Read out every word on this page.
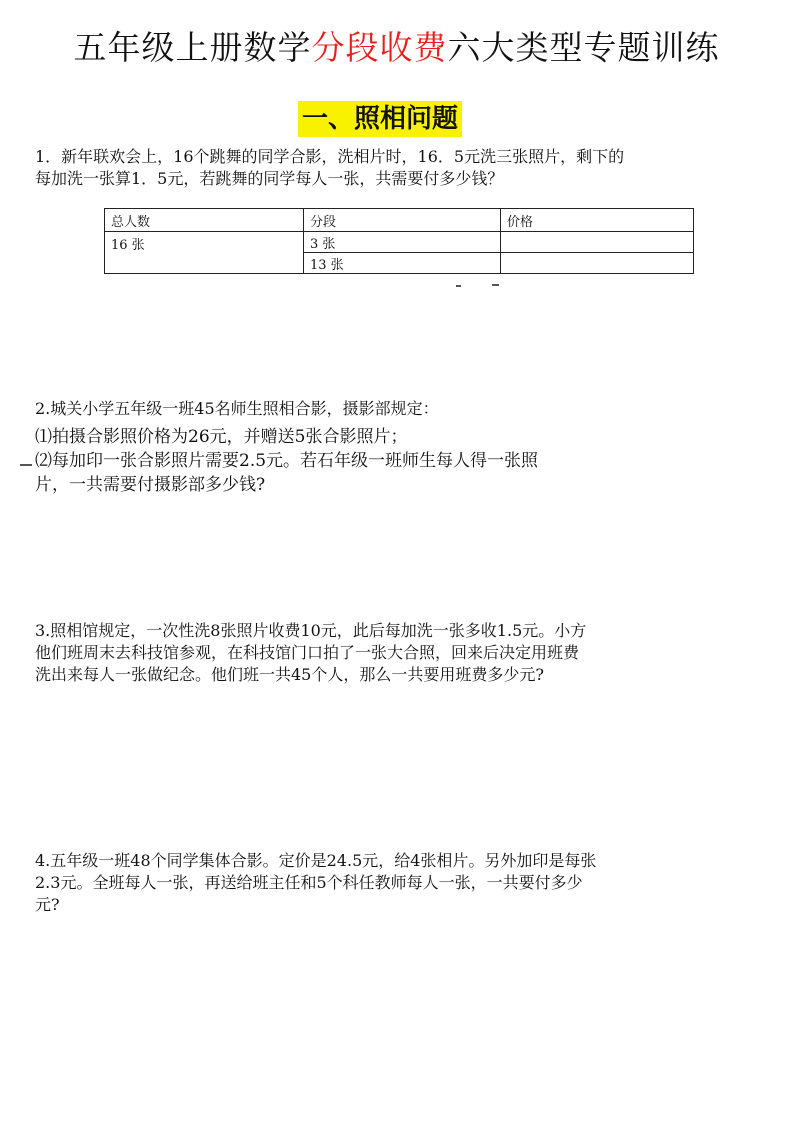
五年级上册数学分段收费六大类型专题训练
一、照相问题
1．新年联欢会上，16个跳舞的同学合影，洗相片时，16．5元洗三张照片，剩下的
每加洗一张算1．5元，若跳舞的同学每人一张，共需要付多少钱？
总人数	分段	价格
16 张	3 张	
	13 张	
2.城关小学五年级一班45名师生照相合影，摄影部规定：
⑴拍摄合影照价格为26元，并赠送5张合影照片；
⑵每加印一张合影照片需要2.5元。若石年级一班师生每人得一张照
片，一共需要付摄影部多少钱?
3.照相馆规定，一次性洗8张照片收费10元，此后每加洗一张多收1.5元。小方
他们班周末去科技馆参观，在科技馆门口拍了一张大合照，回来后决定用班费
洗出来每人一张做纪念。他们班一共45个人，那么一共要用班费多少元?
4.五年级一班48个同学集体合影。定价是24.5元，给4张相片。另外加印是每张
2.3元。全班每人一张，再送给班主任和5个科任教师每人一张，一共要付多少
元?
